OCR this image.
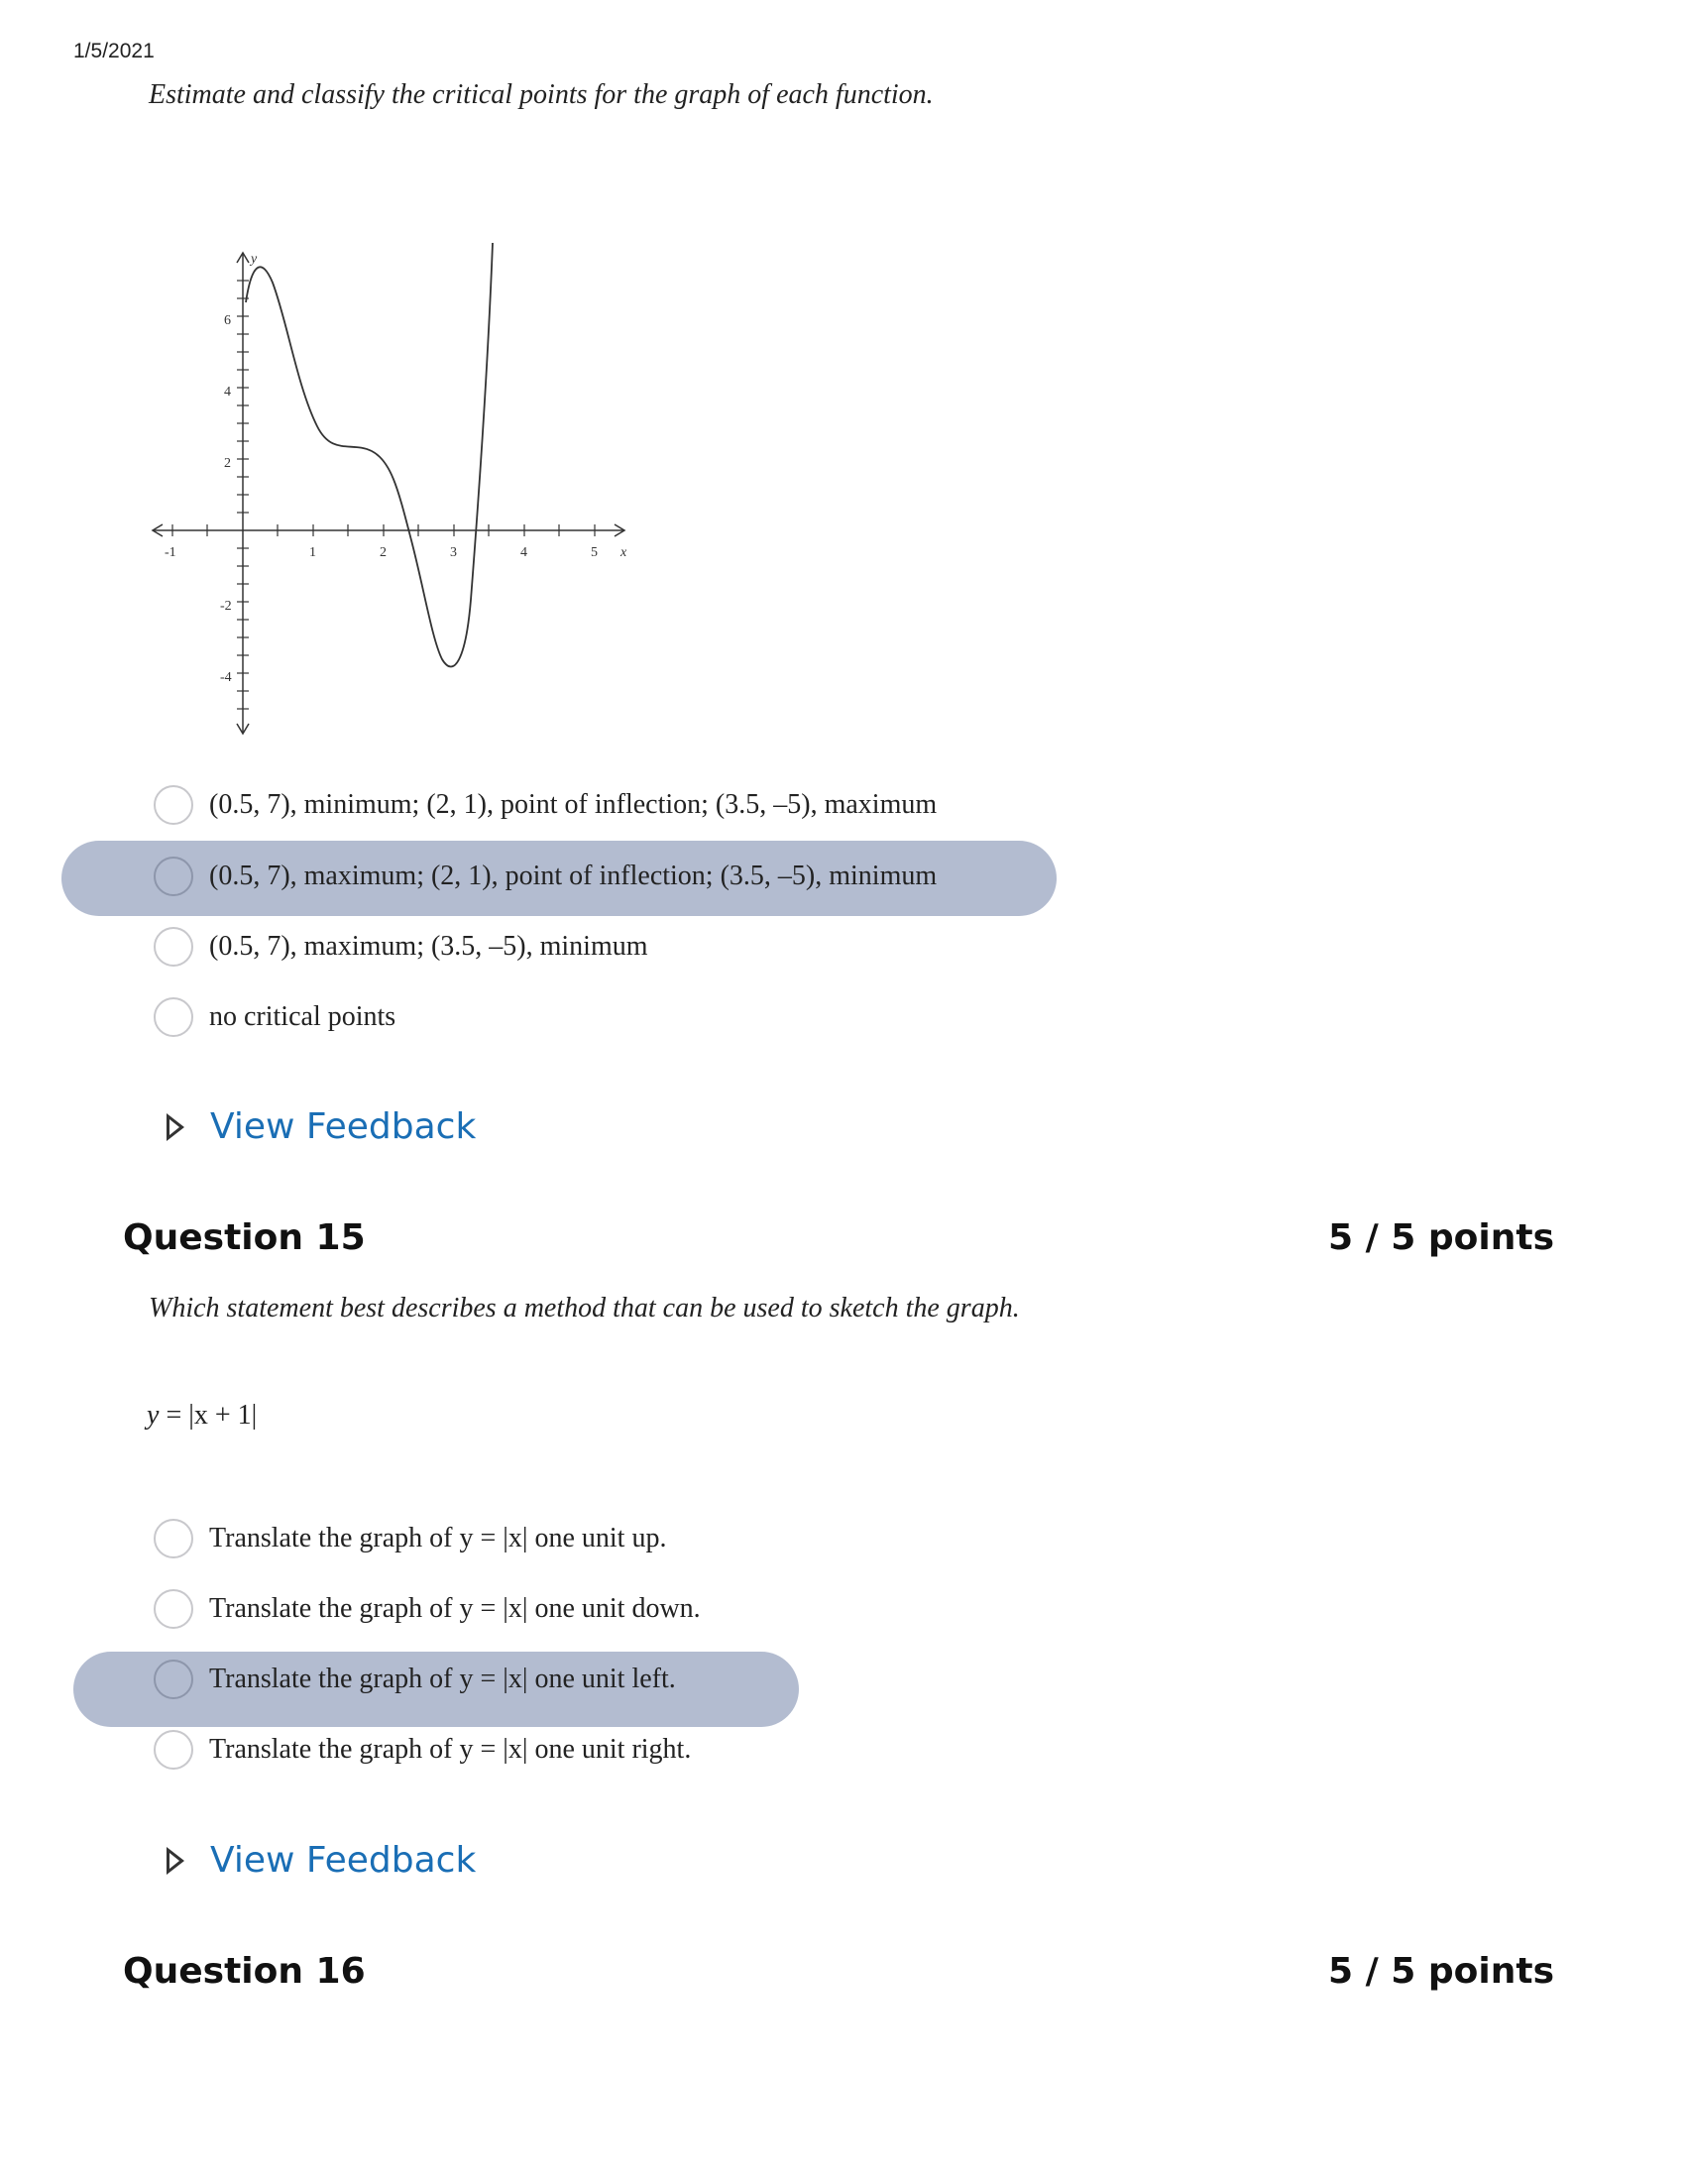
1/5/2021
Estimate and classify the critical points for the graph of each function.
y
x
-1	1	2	3	4	5
6
4
2
-2
-4
(0.5, 7), minimum; (2, 1), point of inflection; (3.5, –5), maximum
(0.5, 7), maximum; (2, 1), point of inflection; (3.5, –5), minimum
(0.5, 7), maximum; (3.5, –5), minimum
no critical points
View Feedback
Question 15	5 / 5 points
Which statement best describes a method that can be used to sketch the graph.
y = |x + 1|
Translate the graph of y = |x| one unit up.
Translate the graph of y = |x| one unit down.
Translate the graph of y = |x| one unit left.
Translate the graph of y = |x| one unit right.
View Feedback
Question 16	5 / 5 points
